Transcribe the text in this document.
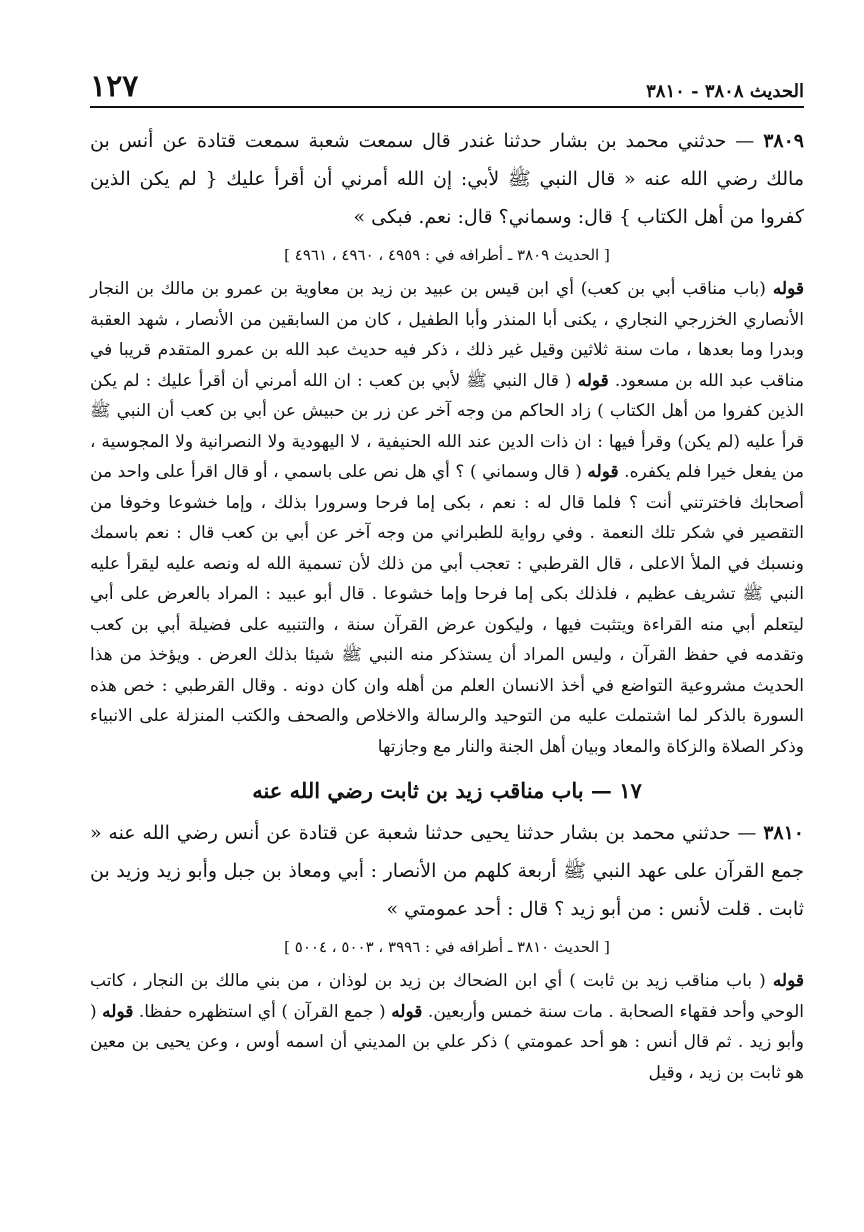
الحديث ٣٨٠٨ - ٣٨١٠
١٢٧
٣٨٠٩ — حدثني محمد بن بشار حدثنا غندر قال سمعت شعبة سمعت قتادة عن أنس بن مالك رضي الله عنه « قال النبي ﷺ لأبي: إن الله أمرني أن أقرأ عليك { لم يكن الذين كفروا من أهل الكتاب } قال: وسماني؟ قال: نعم. فبكى »
[ الحديث ٣٨٠٩ ـ أطرافه في : ٤٩٥٩ ، ٤٩٦٠ ، ٤٩٦١ ]
قوله (باب مناقب أبي بن كعب) أي ابن قيس بن عبيد بن زيد بن معاوية بن عمرو بن مالك بن النجار الأنصاري الخزرجي النجاري ، يكنى أبا المنذر وأبا الطفيل ، كان من السابقين من الأنصار ، شهد العقبة وبدرا وما بعدها ، مات سنة ثلاثين وقيل غير ذلك ، ذكر فيه حديث عبد الله بن عمرو المتقدم قريبا في مناقب عبد الله بن مسعود. قوله ( قال النبي ﷺ لأبي بن كعب : ان الله أمرني أن أقرأ عليك : لم يكن الذين كفروا من أهل الكتاب ) زاد الحاكم من وجه آخر عن زر بن حبيش عن أبي بن كعب أن النبي ﷺ قرأ عليه (لم يكن) وقرأ فيها : ان ذات الدين عند الله الحنيفية ، لا اليهودية ولا النصرانية ولا المجوسية ، من يفعل خيرا فلم يكفره. قوله ( قال وسماني ) ؟ أي هل نص على باسمي ، أو قال اقرأ على واحد من أصحابك فاخترتني أنت ؟ فلما قال له : نعم ، بكى إما فرحا وسرورا بذلك ، وإما خشوعا وخوفا من التقصير في شكر تلك النعمة . وفي رواية للطبراني من وجه آخر عن أبي بن كعب قال : نعم باسمك ونسبك في الملأ الاعلى ، قال القرطبي : تعجب أبي من ذلك لأن تسمية الله له ونصه عليه ليقرأ عليه النبي ﷺ تشريف عظيم ، فلذلك بكى إما فرحا وإما خشوعا . قال أبو عبيد : المراد بالعرض على أبي ليتعلم أبي منه القراءة ويتثبت فيها ، وليكون عرض القرآن سنة ، والتنبيه على فضيلة أبي بن كعب وتقدمه في حفظ القرآن ، وليس المراد أن يستذكر منه النبي ﷺ شيئا بذلك العرض . ويؤخذ من هذا الحديث مشروعية التواضع في أخذ الانسان العلم من أهله وان كان دونه . وقال القرطبي : خص هذه السورة بالذكر لما اشتملت عليه من التوحيد والرسالة والاخلاص والصحف والكتب المنزلة على الانبياء وذكر الصلاة والزكاة والمعاد وبيان أهل الجنة والنار مع وجازتها
١٧ — باب مناقب زيد بن ثابت رضي الله عنه
٣٨١٠ — حدثني محمد بن بشار حدثنا يحيى حدثنا شعبة عن قتادة عن أنس رضي الله عنه « جمع القرآن على عهد النبي ﷺ أربعة كلهم من الأنصار : أبي ومعاذ بن جبل وأبو زيد وزيد بن ثابت . قلت لأنس : من أبو زيد ؟ قال : أحد عمومتي »
[ الحديث ٣٨١٠ ـ أطرافه في : ٣٩٩٦ ، ٥٠٠٣ ، ٥٠٠٤ ]
قوله ( باب مناقب زيد بن ثابت ) أي ابن الضحاك بن زيد بن لوذان ، من بني مالك بن النجار ، كاتب الوحي وأحد فقهاء الصحابة . مات سنة خمس وأربعين. قوله ( جمع القرآن ) أي استظهره حفظا. قوله ( وأبو زيد . ثم قال أنس : هو أحد عمومتي ) ذكر علي بن المديني أن اسمه أوس ، وعن يحيى بن معين هو ثابت بن زيد ، وقيل
